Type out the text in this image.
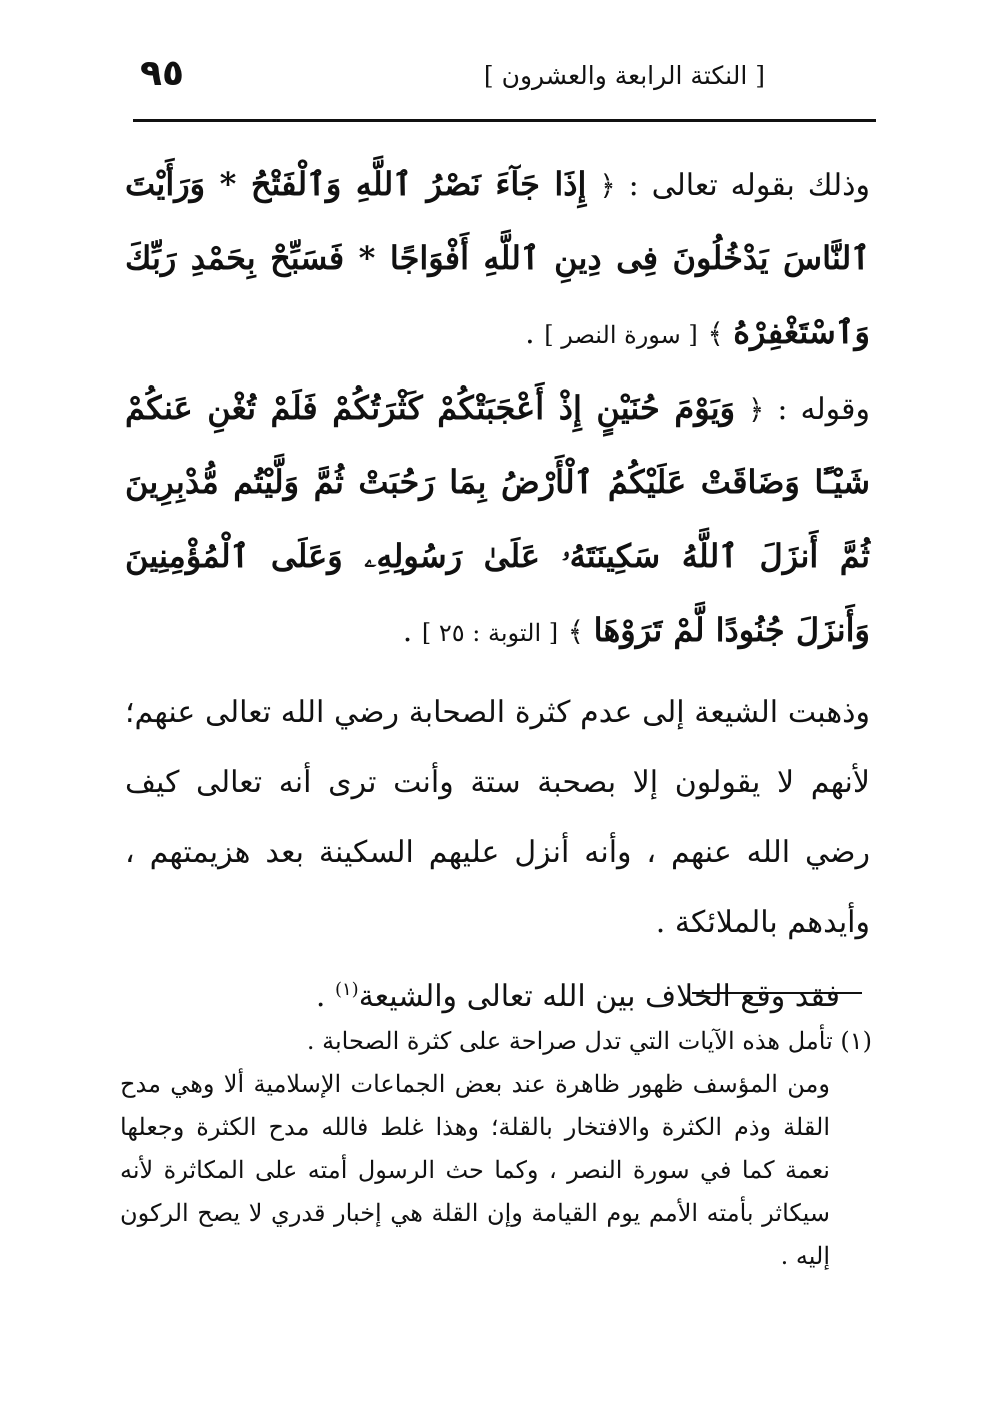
٩٥	[ النكتة الرابعة والعشرون ]

وذلك بقوله تعالى : ﴿ إِذَا جَآءَ نَصْرُ ٱللَّهِ وَٱلْفَتْحُ * وَرَأَيْتَ ٱلنَّاسَ يَدْخُلُونَ فِى دِينِ ٱللَّهِ أَفْوَاجًا * فَسَبِّحْ بِحَمْدِ رَبِّكَ وَٱسْتَغْفِرْهُ ﴾ [ سورة النصر ] .

وقوله : ﴿ وَيَوْمَ حُنَيْنٍ إِذْ أَعْجَبَتْكُمْ كَثْرَتُكُمْ فَلَمْ تُغْنِ عَنكُمْ شَيْـًٔا وَضَاقَتْ عَلَيْكُمُ ٱلْأَرْضُ بِمَا رَحُبَتْ ثُمَّ وَلَّيْتُم مُّدْبِرِينَ ثُمَّ أَنزَلَ ٱللَّهُ سَكِينَتَهُۥ عَلَىٰ رَسُولِهِۦ وَعَلَى ٱلْمُؤْمِنِينَ وَأَنزَلَ جُنُودًا لَّمْ تَرَوْهَا ﴾ [ التوبة : ٢٥ ] .

وذهبت الشيعة إلى عدم كثرة الصحابة رضي الله تعالى عنهم؛ لأنهم لا يقولون إلا بصحبة ستة وأنت ترى أنه تعالى كيف رضي الله عنهم ، وأنه أنزل عليهم السكينة بعد هزيمتهم ، وأيدهم بالملائكة .

فقد وقع الخلاف بين الله تعالى والشيعة$^{(١)}$ .

(١) تأمل هذه الآيات التي تدل صراحة على كثرة الصحابة .

ومن المؤسف ظهور ظاهرة عند بعض الجماعات الإسلامية ألا وهي مدح القلة وذم الكثرة والافتخار بالقلة؛ وهذا غلط فالله مدح الكثرة وجعلها نعمة كما في سورة النصر ، وكما حث الرسول أمته على المكاثرة لأنه سيكاثر بأمته الأمم يوم القيامة وإن القلة هي إخبار قدري لا يصح الركون إليه .
